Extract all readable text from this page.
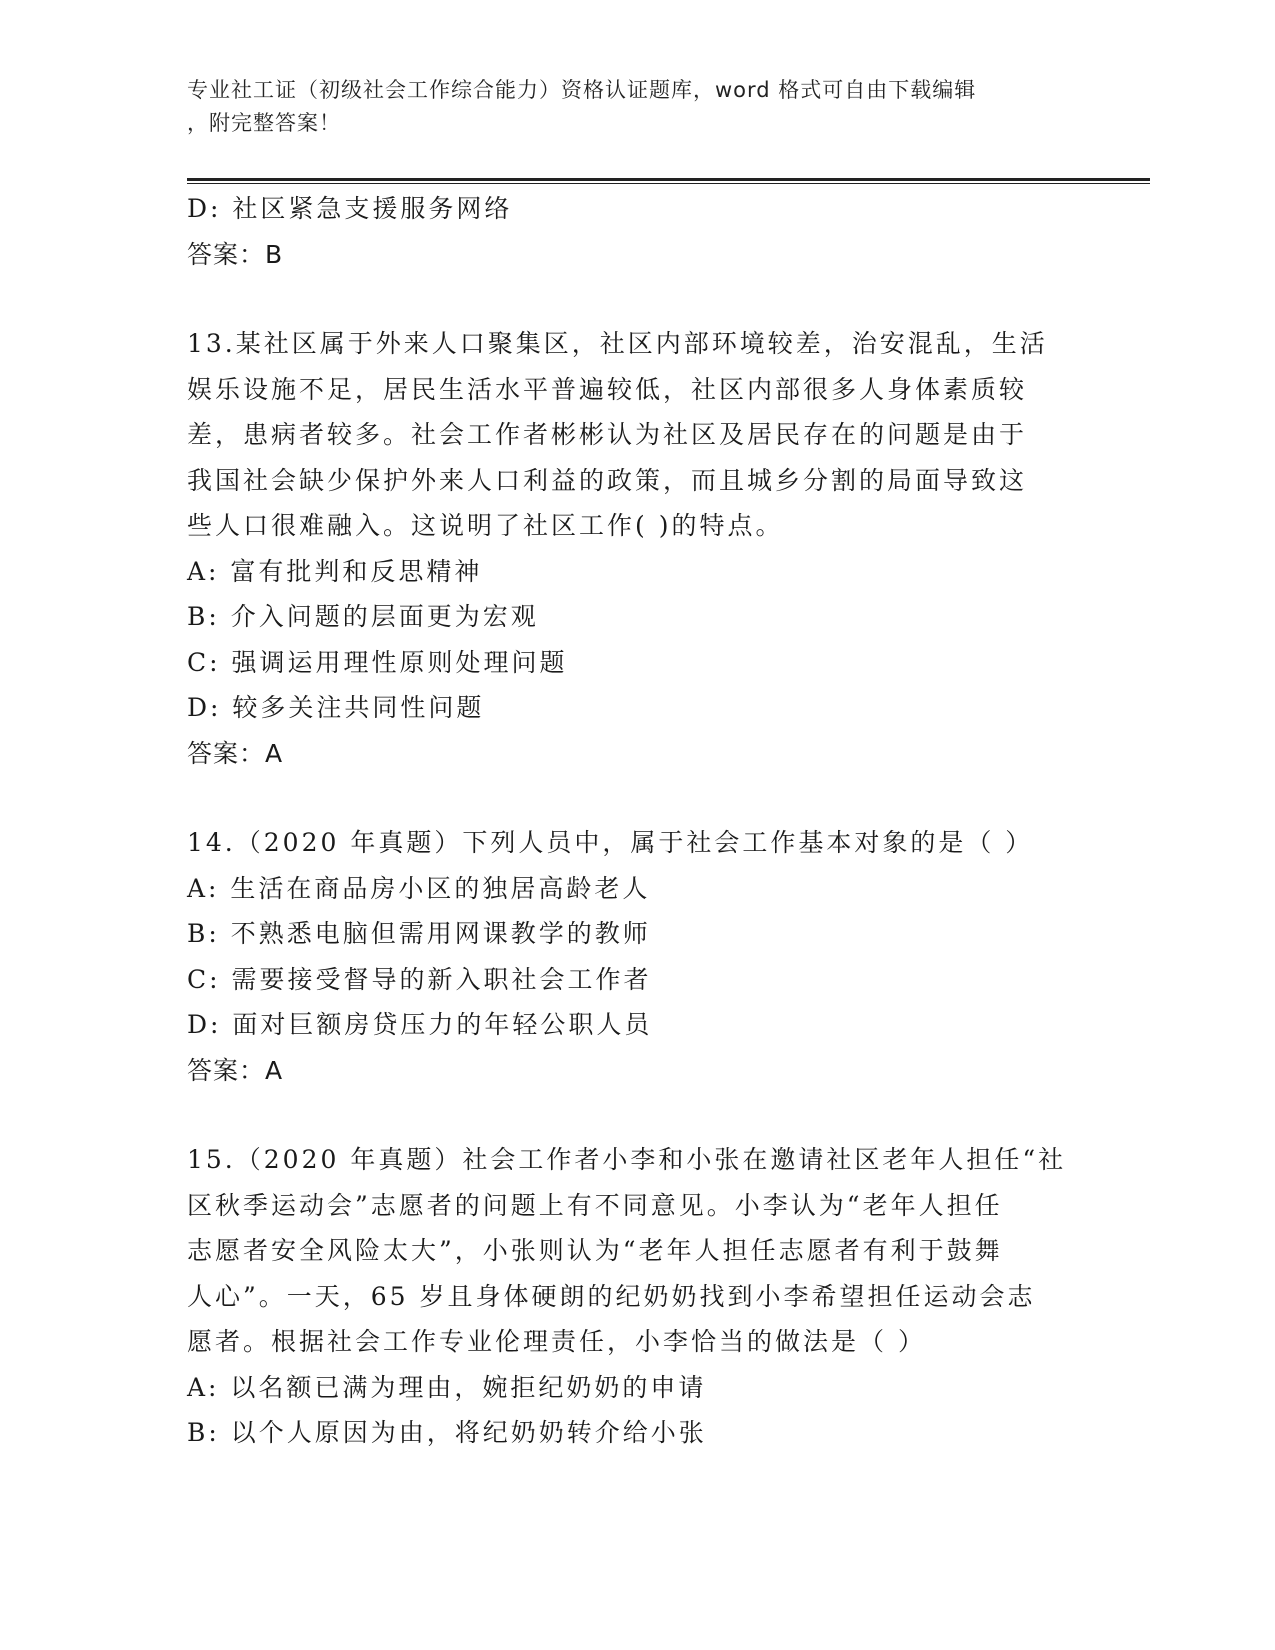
专业社工证（初级社会工作综合能力）资格认证题库，word 格式可自由下载编辑
，附完整答案！
D: 社区紧急支援服务网络
答案：B
13.某社区属于外来人口聚集区，社区内部环境较差，治安混乱，生活
娱乐设施不足，居民生活水平普遍较低，社区内部很多人身体素质较
差，患病者较多。社会工作者彬彬认为社区及居民存在的问题是由于
我国社会缺少保护外来人口利益的政策，而且城乡分割的局面导致这
些人口很难融入。这说明了社区工作( )的特点。
A: 富有批判和反思精神
B: 介入问题的层面更为宏观
C: 强调运用理性原则处理问题
D: 较多关注共同性问题
答案：A
14.（2020 年真题）下列人员中，属于社会工作基本对象的是（ ）
A: 生活在商品房小区的独居高龄老人
B: 不熟悉电脑但需用网课教学的教师
C: 需要接受督导的新入职社会工作者
D: 面对巨额房贷压力的年轻公职人员
答案：A
15.（2020 年真题）社会工作者小李和小张在邀请社区老年人担任“社
区秋季运动会”志愿者的问题上有不同意见。小李认为“老年人担任
志愿者安全风险太大”，小张则认为“老年人担任志愿者有利于鼓舞
人心”。一天，65 岁且身体硬朗的纪奶奶找到小李希望担任运动会志
愿者。根据社会工作专业伦理责任，小李恰当的做法是（ ）
A: 以名额已满为理由，婉拒纪奶奶的申请
B: 以个人原因为由，将纪奶奶转介给小张
